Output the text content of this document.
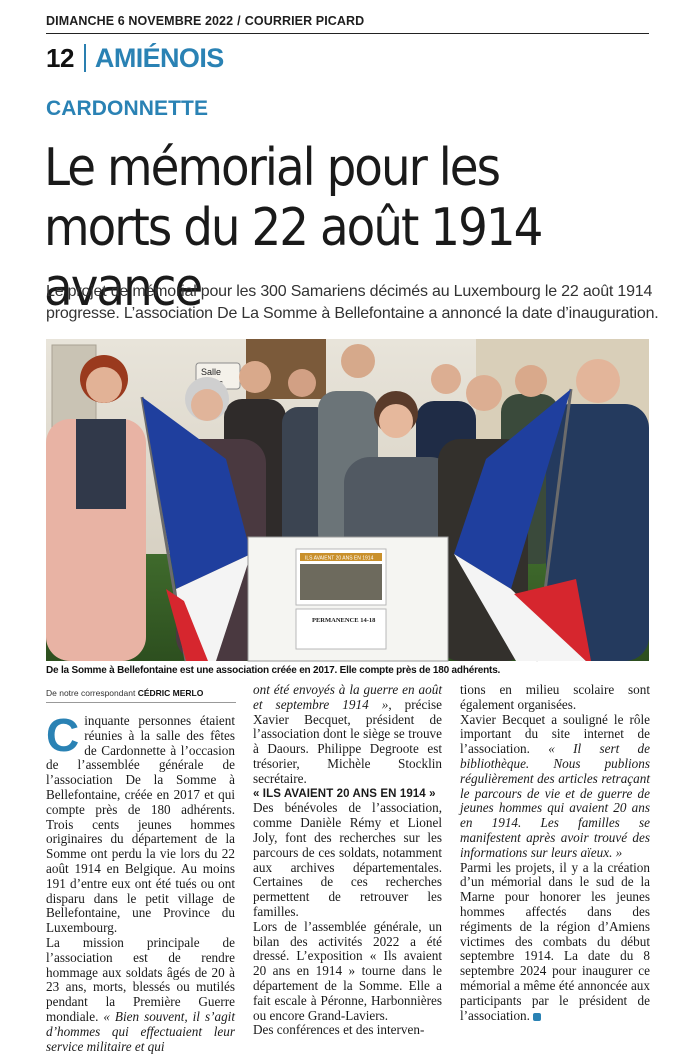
DIMANCHE 6 NOVEMBRE 2022 / COURRIER PICARD
12 AMIÉNOIS
CARDONNETTE
Le mémorial pour les morts du 22 août 1914 avance

Le projet de mémorial pour les 300 Samariens décimés au Luxembourg le 22 août 1914 progresse. L’association De La Somme à Bellefontaine a annoncé la date d’inauguration.

Salle
ILS AVAIENT 20 ANS EN 1914
PERMANENCE 14-18
De la Somme à Bellefontaine est une association créée en 2017. Elle compte près de 180 adhérents.
De notre correspondant CÉDRIC MERLO
C inquante personnes étaient réunies à la salle des fêtes de Cardonnette à l’occasion de l’assemblée générale de l’association De la Somme à Bellefontaine, créée en 2017 et qui compte près de 180 adhérents. Trois cents jeunes hommes originaires du département de la Somme ont perdu la vie lors du 22 août 1914 en Belgique. Au moins 191 d’entre eux ont été tués ou ont disparu dans le petit village de Bellefontaine, une Province du Luxembourg.

La mission principale de l’association est de rendre hommage aux soldats âgés de 20 à 23 ans, morts, blessés ou mutilés pendant la Première Guerre mondiale. « Bien souvent, il s’agit d’hommes qui effectuaient leur service militaire et qui

ont été envoyés à la guerre en août et septembre 1914 », précise Xavier Becquet, président de l’association dont le siège se trouve à Daours. Philippe Degroote est trésorier, Michèle Stocklin secrétaire.

« ILS AVAIENT 20 ANS EN 1914 »

Des bénévoles de l’association, comme Danièle Rémy et Lionel Joly, font des recherches sur les parcours de ces soldats, notamment aux archives départementales. Certaines de ces recherches permettent de retrouver les familles.

Lors de l’assemblée générale, un bilan des activités 2022 a été dressé. L’exposition « Ils avaient 20 ans en 1914 » tourne dans le département de la Somme. Elle a fait escale à Péronne, Harbonnières ou encore Grand-Laviers.

Des conférences et des interven-

tions en milieu scolaire sont également organisées.

Xavier Becquet a souligné le rôle important du site internet de l’association. « Il sert de bibliothèque. Nous publions régulièrement des articles retraçant le parcours de vie et de guerre de jeunes hommes qui avaient 20 ans en 1914. Les familles se manifestent après avoir trouvé des informations sur leurs aïeux. »

Parmi les projets, il y a la création d’un mémorial dans le sud de la Marne pour honorer les jeunes hommes affectés dans des régiments de la région d’Amiens victimes des combats du début septembre 1914. La date du 8 septembre 2024 pour inaugurer ce mémorial a même été annoncée aux participants par le président de l’association.
